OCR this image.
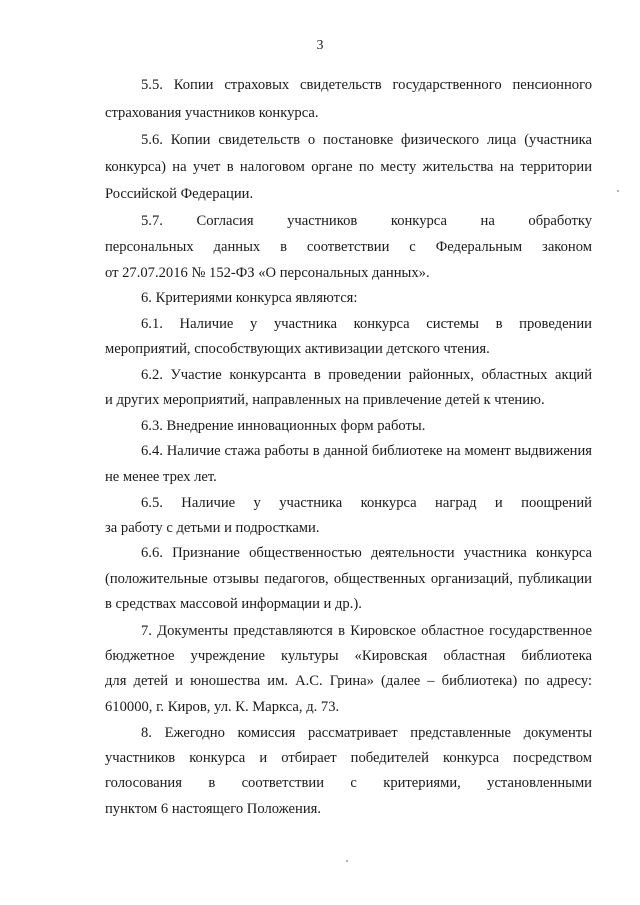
3
5.5. Копии страховых свидетельств государственного пенсионного
страхования участников конкурса.
5.6. Копии свидетельств о постановке физического лица (участника
конкурса) на учет в налоговом органе по месту жительства на территории
Российской Федерации.
5.7. Согласия участников конкурса на обработку
персональных данных в соответствии с Федеральным законом
от 27.07.2016 № 152-ФЗ «О персональных данных».
6. Критериями конкурса являются:
6.1. Наличие у участника конкурса системы в проведении
мероприятий, способствующих активизации детского чтения.
6.2. Участие конкурсанта в проведении районных, областных акций
и других мероприятий, направленных на привлечение детей к чтению.
6.3. Внедрение инновационных форм работы.
6.4. Наличие стажа работы в данной библиотеке на момент выдвижения
не менее трех лет.
6.5. Наличие у участника конкурса наград и поощрений
за работу с детьми и подростками.
6.6. Признание общественностью деятельности участника конкурса
(положительные отзывы педагогов, общественных организаций, публикации
в средствах массовой информации и др.).
7. Документы представляются в Кировское областное государственное
бюджетное учреждение культуры «Кировская областная библиотека
для детей и юношества им. А.С. Грина» (далее – библиотека) по адресу:
610000, г. Киров, ул. К. Маркса, д. 73.
8. Ежегодно комиссия рассматривает представленные документы
участников конкурса и отбирает победителей конкурса посредством
голосования в соответствии с критериями, установленными
пунктом 6 настоящего Положения.
